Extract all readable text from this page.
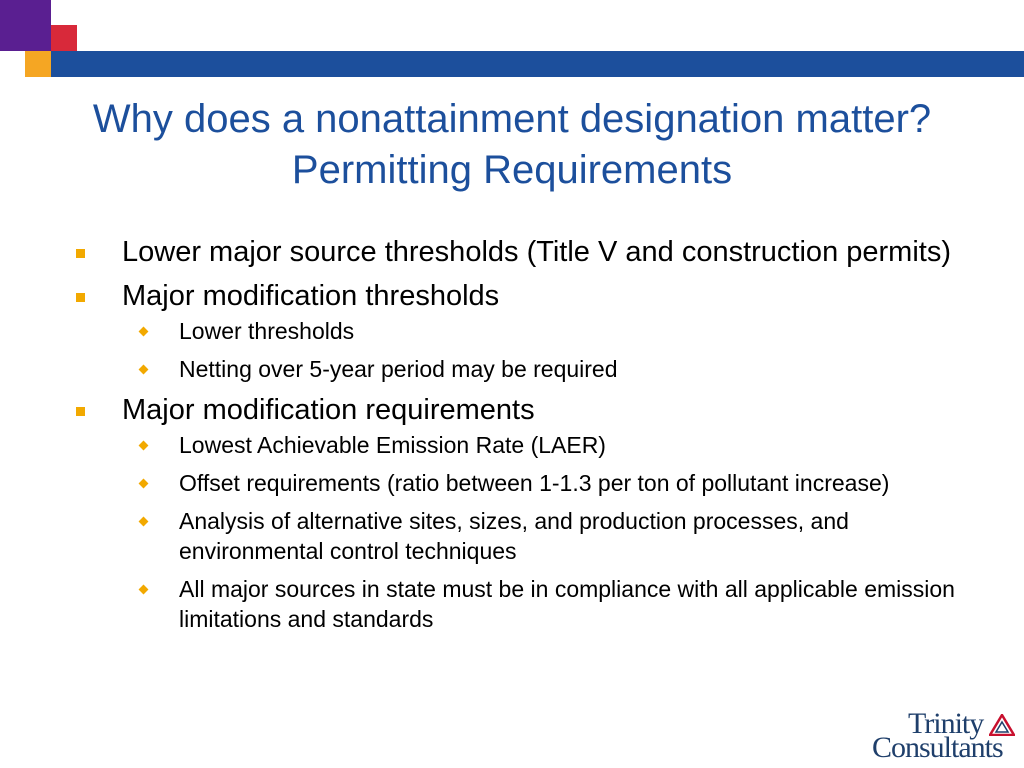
Why does a nonattainment designation matter?
Permitting Requirements
Lower major source thresholds (Title V and construction permits)
Major modification thresholds
Lower thresholds
Netting over 5-year period may be required
Major modification requirements
Lowest Achievable Emission Rate (LAER)
Offset requirements (ratio between 1-1.3 per ton of pollutant increase)
Analysis of alternative sites, sizes, and production processes, and environmental control techniques
All major sources in state must be in compliance with all applicable emission limitations and standards
Trinity
Consultants
